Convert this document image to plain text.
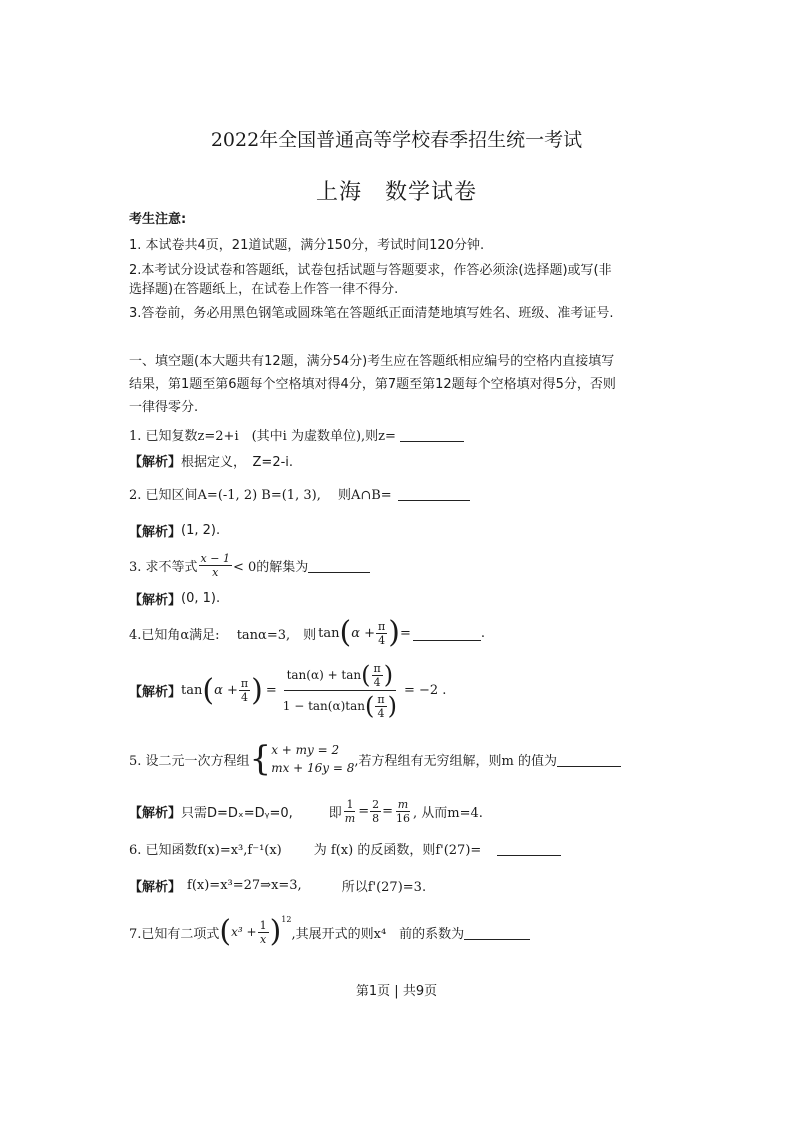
2022年全国普通高等学校春季招生统一考试
上海　数学试卷
考生注意:
1. 本试卷共4页，21道试题，满分150分，考试时间120分钟.
2.本考试分设试卷和答题纸，试卷包括试题与答题要求，作答必须涂(选择题)或写(非
选择题)在答题纸上，在试卷上作答一律不得分.
3.答卷前，务必用黑色钢笔或圆珠笔在答题纸正面清楚地填写姓名、班级、准考证号.
一、填空题(本大题共有12题，满分54分)考生应在答题纸相应编号的空格内直接填写
结果，第1题至第6题每个空格填对得4分，第7题至第12题每个空格填对得5分，否则
一律得零分.
1. 已知复数z=2+i　(其中i 为虚数单位),则z=
【解析】 根据定义，　Z=2-i.
2. 已知区间A=(-1, 2) B=(1, 3),　 则A∩B=
【解析】 (1, 2).
3. 求不等式 $\frac{x - 1}{x} < 0$的解集为
【解析】 (0, 1).
4.已知角α满足:　 tanα=3,　则 tan ( $\alpha + \frac{\pi}{4}$ ) =	.
【解析】 tan ( $\alpha + \frac{\pi}{4}$ ) =
tan(α) + tan ( $\frac{\pi}{4}$ )
1 − tan(α)tan ( $\frac{\pi}{4}$ )
= −2 .
5. 设二元一次方程组 { x + my = 2
mx + 16y = 8 ,若方程组有无穷组解，则m 的值为
【解析】 只需D=Dₓ=Dᵧ=0,	即 $\frac{1}{m} = \frac{2}{8} = \frac{m}{16}$ , 从而m=4.
6. 已知函数f(x)=x³,f⁻¹(x) 为 f(x) 的反函数，则f'(27)=
【解析】 f(x)=x³=27⇒x=3,	所以f'(27)=3.
7.已知有二项式 ( $x^3 + \frac{1}{x}$ ) 12
,其展开式的则x⁴　前的系数为
第1页 | 共9页
